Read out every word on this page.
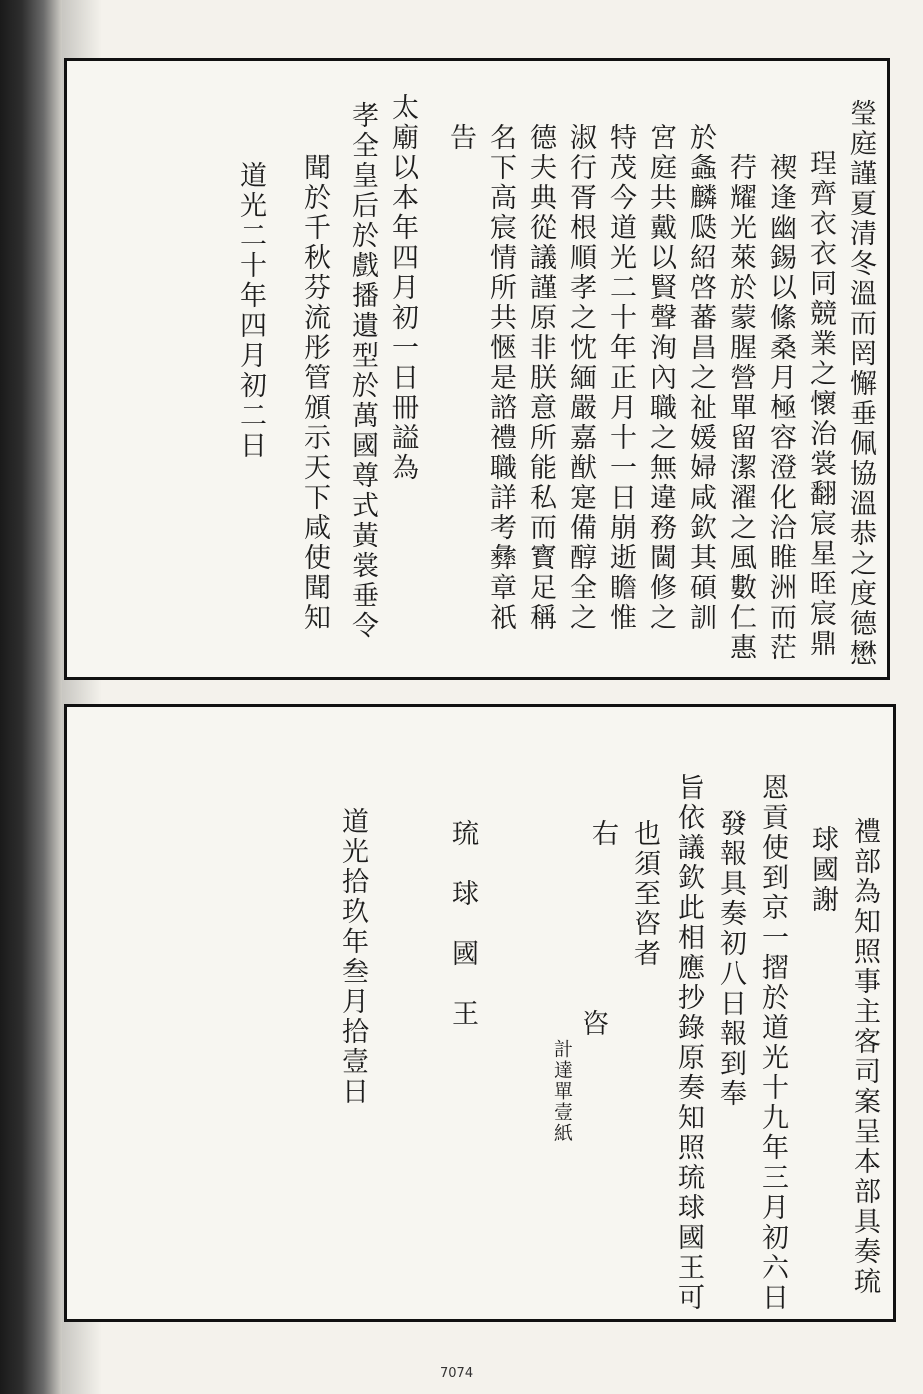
瑩庭謹夏清冬溫而罔懈垂佩協溫恭之度德懋
珵齊衣衣同競業之懷治裳翻宸星晊宸鼎
禊逢幽錫以絛桑月極容澄化洽睢洲而茫
荇耀光萊於蒙腥營單留潔濯之風數仁惠
於螽麟瓞紹啓蕃昌之祉媛婦咸欽其碩訓
宮庭共戴以賢聲洵內職之無違務閫修之
特茂今道光二十年正月十一日崩逝瞻惟
淑行胥根順孝之忱緬嚴嘉猷寔備醇全之
德夫典從議謹原非朕意所能私而寳足稱
名下高宸情所共愜是諮禮職詳考彝章祇
告
太廟以本年四月初一日冊謚為
孝全皇后於戲播遺型於萬國尊式黃裳垂令
聞於千秋芬流彤管頒示天下咸使聞知
道光二十年四月初二日
禮部為知照事主客司案呈本部具奏琉
球國謝
恩貢使到京一摺於道光十九年三月初六日
發報具奏初八日報到奉
旨依議欽此相應抄錄原奏知照琉球國王可
也須至咨者
右
咨
計達單壹紙
琉　球　國　王
道光拾玖年叁月拾壹日
7074
